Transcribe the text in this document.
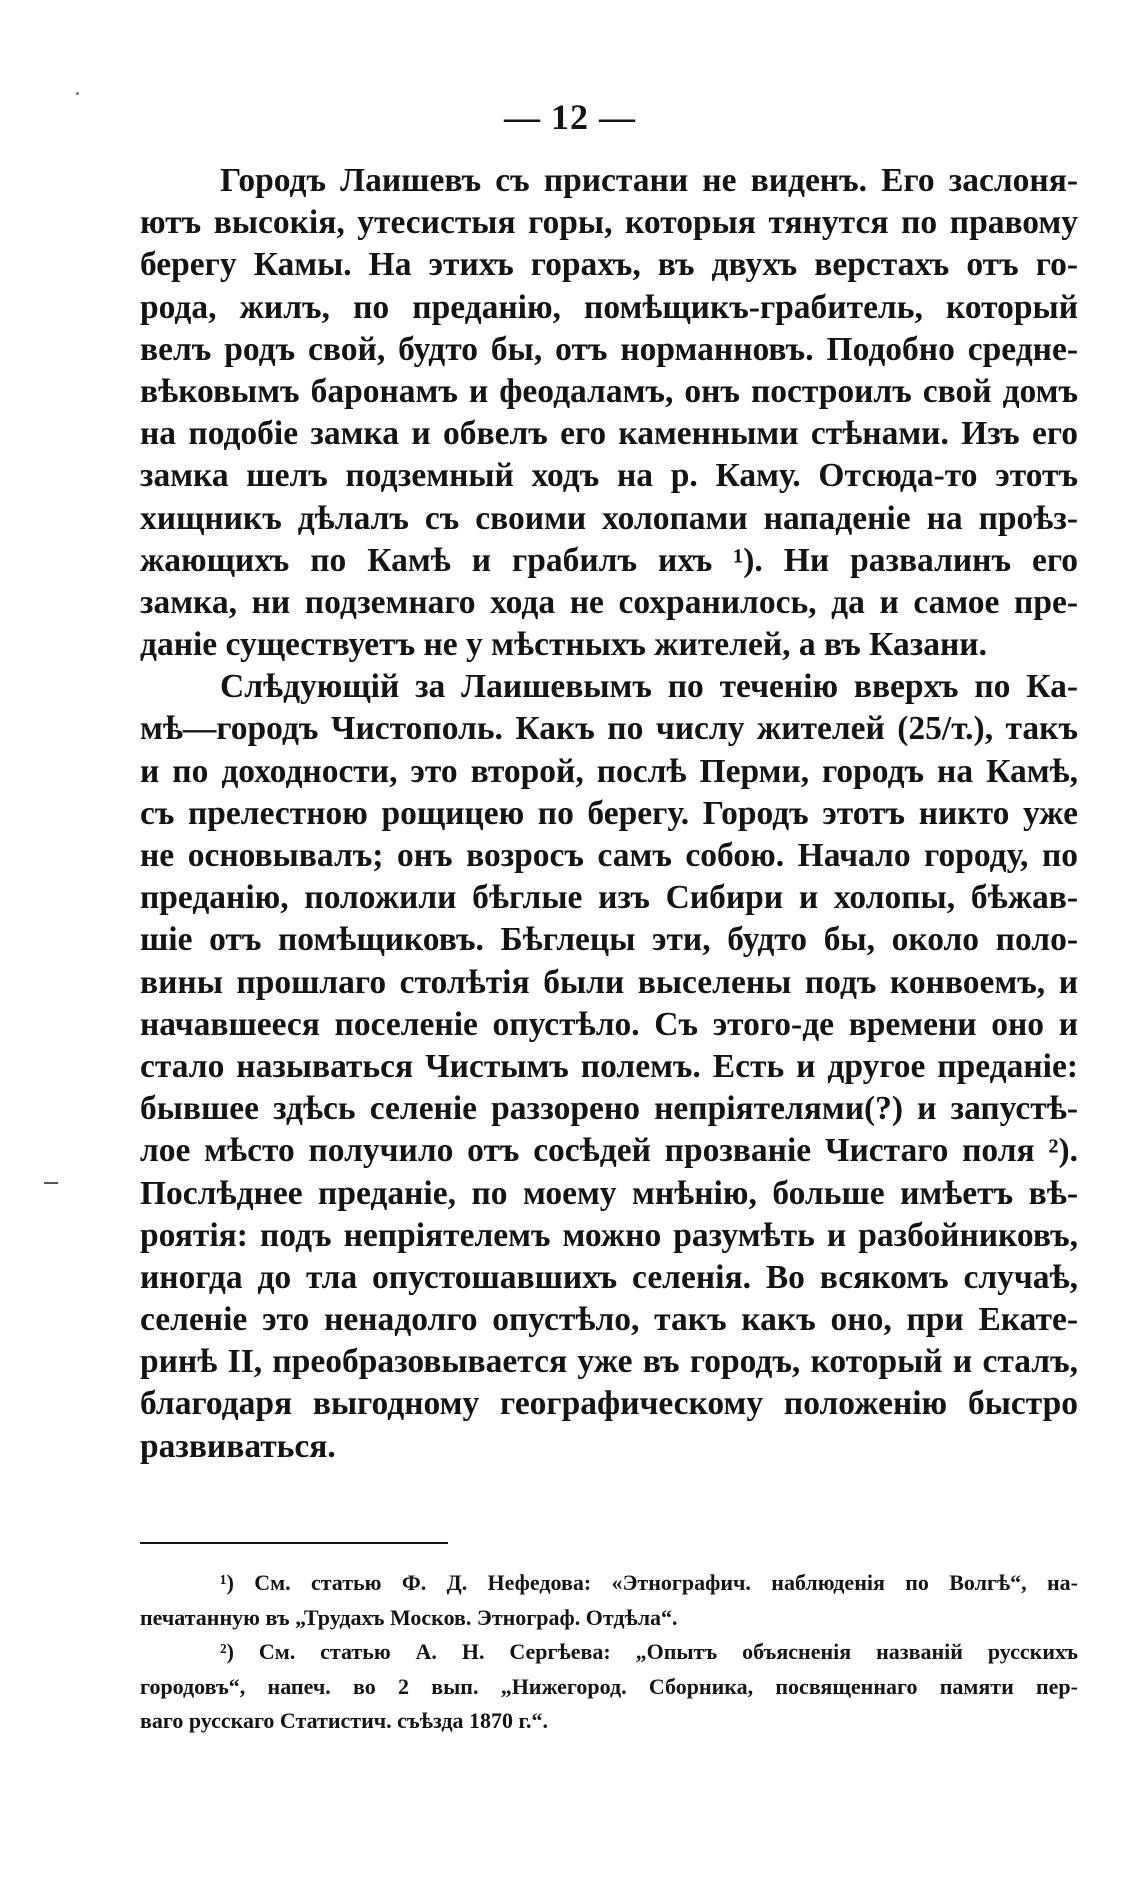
— 12 —
Городъ Лаишевъ съ пристани не виденъ. Его заслоня-
ютъ высокія, утесистыя горы, которыя тянутся по правому
берегу Камы. На этихъ горахъ, въ двухъ верстахъ отъ го-
рода, жилъ, по преданію, помѣщикъ-грабитель, который
велъ родъ свой, будто бы, отъ норманновъ. Подобно средне-
вѣковымъ баронамъ и феодаламъ, онъ построилъ свой домъ
на подобіе замка и обвелъ его каменными стѣнами. Изъ его
замка шелъ подземный ходъ на р. Каму. Отсюда-то этотъ
хищникъ дѣлалъ съ своими холопами нападеніе на проѣз-
жающихъ по Камѣ и грабилъ ихъ ¹). Ни развалинъ его
замка, ни подземнаго хода не сохранилось, да и самое пре-
даніе существуетъ не у мѣстныхъ жителей, а въ Казани.
Слѣдующій за Лаишевымъ по теченію вверхъ по Ка-
мѣ—городъ Чистополь. Какъ по числу жителей (25/т.), такъ
и по доходности, это второй, послѣ Перми, городъ на Камѣ,
съ прелестною рощицею по берегу. Городъ этотъ никто уже
не основывалъ; онъ возросъ самъ собою. Начало городу, по
преданію, положили бѣглые изъ Сибири и холопы, бѣжав-
шіе отъ помѣщиковъ. Бѣглецы эти, будто бы, около поло-
вины прошлаго столѣтія были выселены подъ конвоемъ, и
начавшееся поселеніе опустѣло. Съ этого-де времени оно и
стало называться Чистымъ полемъ. Есть и другое преданіе:
бывшее здѣсь селеніе раззорено непріятелями(?) и запустѣ-
лое мѣсто получило отъ сосѣдей прозваніе Чистаго поля ²).
Послѣднее преданіе, по моему мнѣнію, больше имѣетъ вѣ-
роятія: подъ непріятелемъ можно разумѣть и разбойниковъ,
иногда до тла опустошавшихъ селенія. Во всякомъ случаѣ,
селеніе это ненадолго опустѣло, такъ какъ оно, при Екате-
ринѣ II, преобразовывается уже въ городъ, который и сталъ,
благодаря выгодному географическому положенію быстро
развиваться.
¹) См. статью Ф. Д. Нефедова: «Этнографич. наблюденія по Волгѣ“, на-
печатанную въ „Трудахъ Москов. Этнограф. Отдѣла“.
²) См. статью А. Н. Сергѣева: „Опытъ объясненія названій русскихъ
городовъ“, напеч. во 2 вып. „Нижегород. Сборника, посвященнаго памяти пер-
ваго русскаго Статистич. съѣзда 1870 г.“.
